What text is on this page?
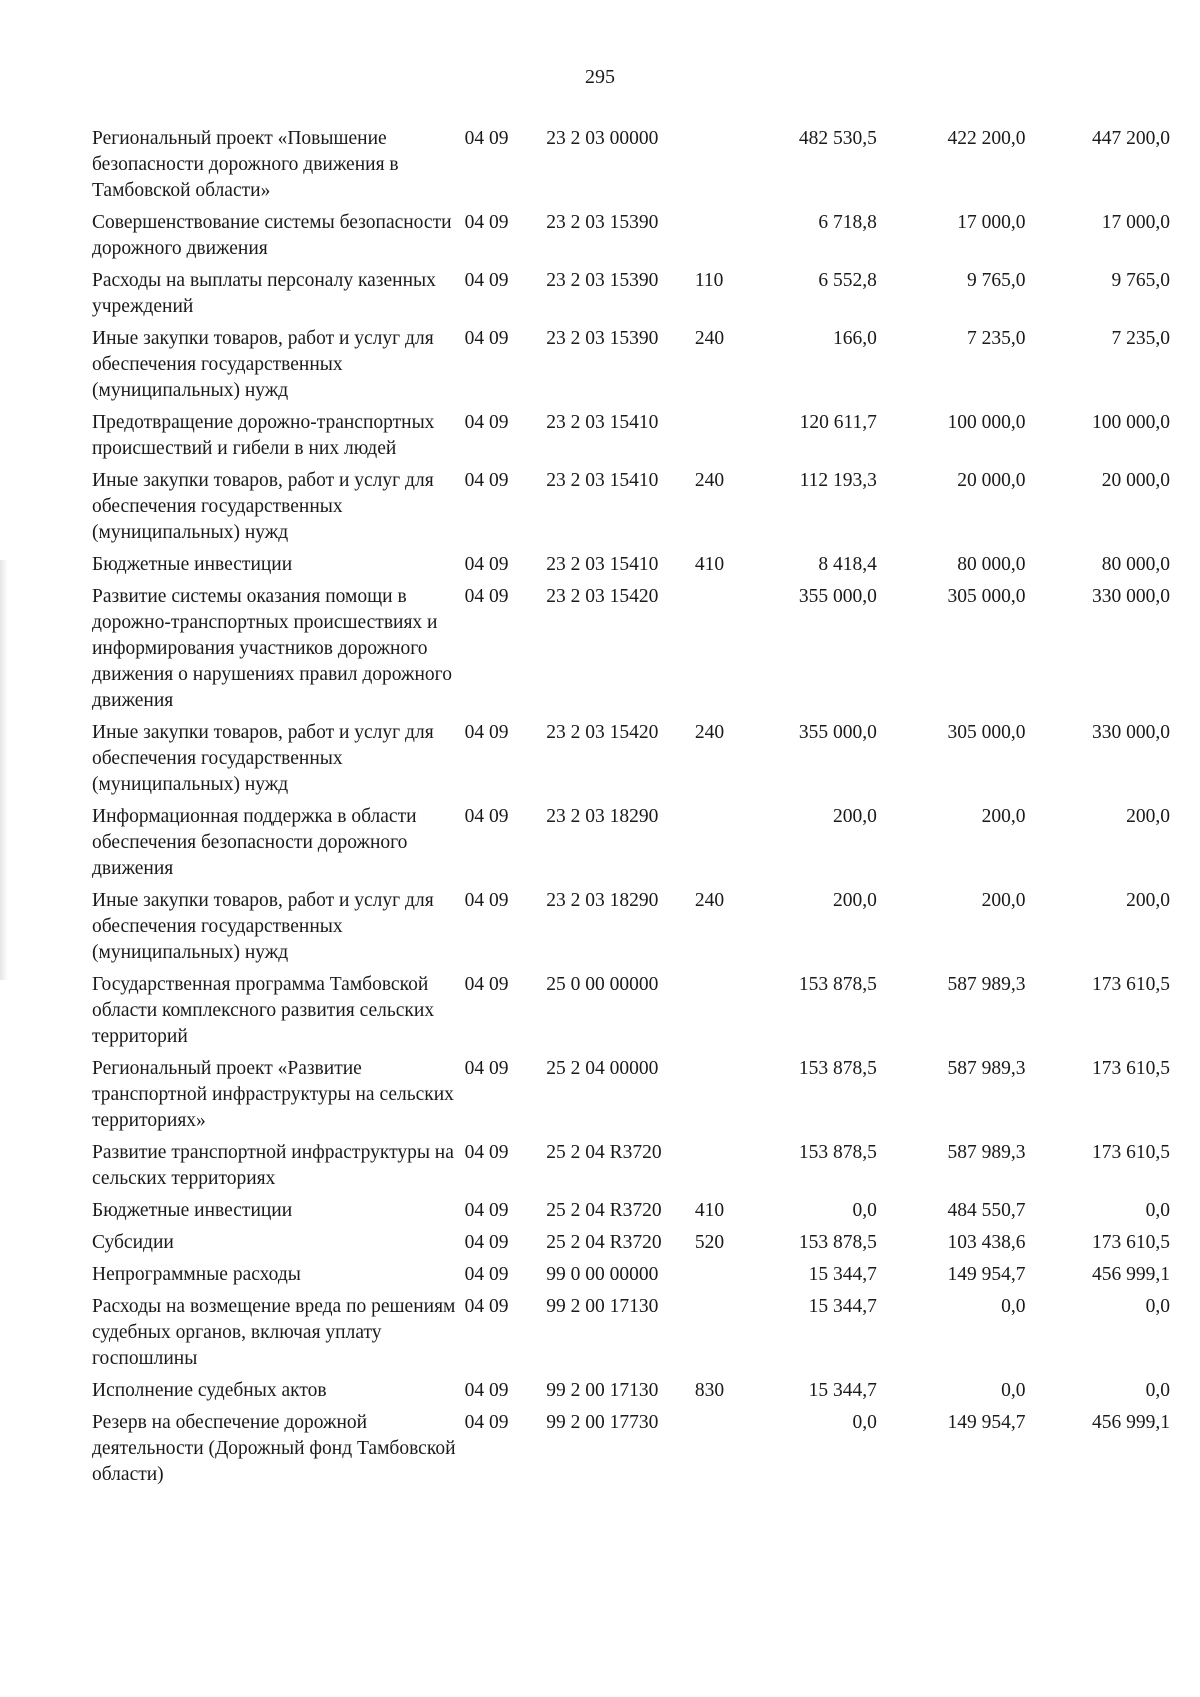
295
Региональный проект «Повышение безопасности дорожного движения в Тамбовской области»	04 09	23 2 03 00000		482 530,5	422 200,0	447 200,0
Совершенствование системы безопасности дорожного движения	04 09	23 2 03 15390		6 718,8	17 000,0	17 000,0
Расходы на выплаты персоналу казенных учреждений	04 09	23 2 03 15390	110	6 552,8	9 765,0	9 765,0
Иные закупки товаров, работ и услуг для обеспечения государственных (муниципальных) нужд	04 09	23 2 03 15390	240	166,0	7 235,0	7 235,0
Предотвращение дорожно-транспортных происшествий и гибели в них людей	04 09	23 2 03 15410		120 611,7	100 000,0	100 000,0
Иные закупки товаров, работ и услуг для обеспечения государственных (муниципальных) нужд	04 09	23 2 03 15410	240	112 193,3	20 000,0	20 000,0
Бюджетные инвестиции	04 09	23 2 03 15410	410	8 418,4	80 000,0	80 000,0
Развитие системы оказания помощи в дорожно-транспортных происшествиях и информирования участников дорожного движения о нарушениях правил дорожного движения	04 09	23 2 03 15420		355 000,0	305 000,0	330 000,0
Иные закупки товаров, работ и услуг для обеспечения государственных (муниципальных) нужд	04 09	23 2 03 15420	240	355 000,0	305 000,0	330 000,0
Информационная поддержка в области обеспечения безопасности дорожного движения	04 09	23 2 03 18290		200,0	200,0	200,0
Иные закупки товаров, работ и услуг для обеспечения государственных (муниципальных) нужд	04 09	23 2 03 18290	240	200,0	200,0	200,0
Государственная программа Тамбовской области комплексного развития сельских территорий	04 09	25 0 00 00000		153 878,5	587 989,3	173 610,5
Региональный проект «Развитие транспортной инфраструктуры на сельских территориях»	04 09	25 2 04 00000		153 878,5	587 989,3	173 610,5
Развитие транспортной инфраструктуры на сельских территориях	04 09	25 2 04 R3720		153 878,5	587 989,3	173 610,5
Бюджетные инвестиции	04 09	25 2 04 R3720	410	0,0	484 550,7	0,0
Субсидии	04 09	25 2 04 R3720	520	153 878,5	103 438,6	173 610,5
Непрограммные расходы	04 09	99 0 00 00000		15 344,7	149 954,7	456 999,1
Расходы на возмещение вреда по решениям судебных органов, включая уплату госпошлины	04 09	99 2 00 17130		15 344,7	0,0	0,0
Исполнение судебных актов	04 09	99 2 00 17130	830	15 344,7	0,0	0,0
Резерв на обеспечение дорожной деятельности (Дорожный фонд Тамбовской области)	04 09	99 2 00 17730		0,0	149 954,7	456 999,1
